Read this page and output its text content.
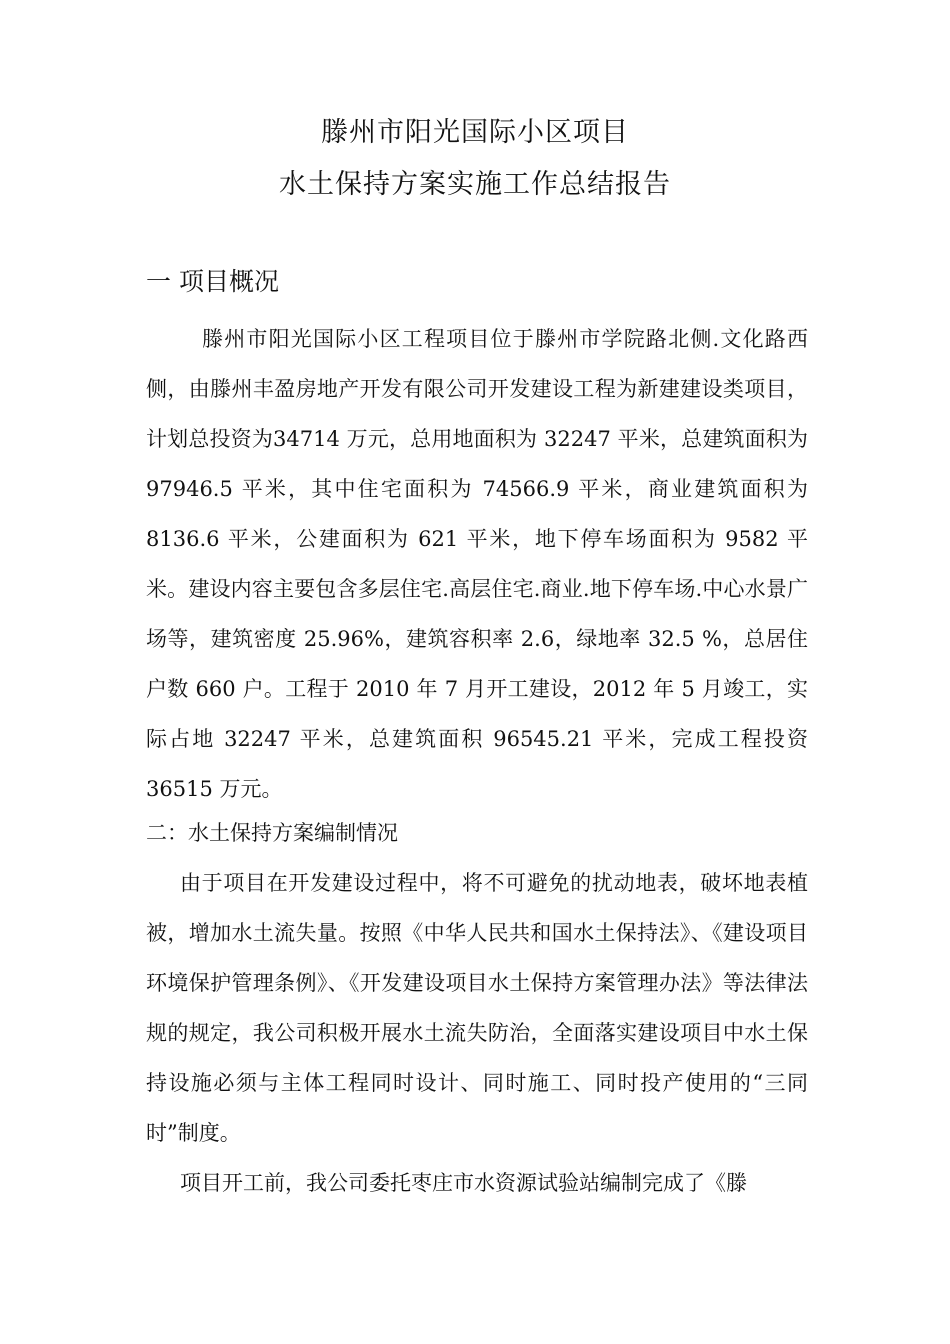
滕州市阳光国际小区项目
水土保持方案实施工作总结报告
一 项目概况
滕州市阳光国际小区工程项目位于滕州市学院路北侧.文化路西侧，由滕州丰盈房地产开发有限公司开发建设工程为新建建设类项目，计划总投资为34714 万元，总用地面积为 32247 平米，总建筑面积为 97946.5 平米，其中住宅面积为 74566.9 平米，商业建筑面积为 8136.6 平米，公建面积为 621 平米，地下停车场面积为 9582 平米。建设内容主要包含多层住宅.高层住宅.商业.地下停车场.中心水景广场等，建筑密度 25.96%，建筑容积率 2.6，绿地率 32.5 %，总居住户数 660 户。工程于 2010 年 7 月开工建设，2012 年 5 月竣工，实际占地 32247 平米，总建筑面积 96545.21 平米，完成工程投资 36515 万元。
二：水土保持方案编制情况
由于项目在开发建设过程中，将不可避免的扰动地表，破坏地表植被，增加水土流失量。按照《中华人民共和国水土保持法》、《建设项目环境保护管理条例》、《开发建设项目水土保持方案管理办法》等法律法规的规定，我公司积极开展水土流失防治，全面落实建设项目中水土保持设施必须与主体工程同时设计、同时施工、同时投产使用的“三同时”制度。
项目开工前，我公司委托枣庄市水资源试验站编制完成了《滕
